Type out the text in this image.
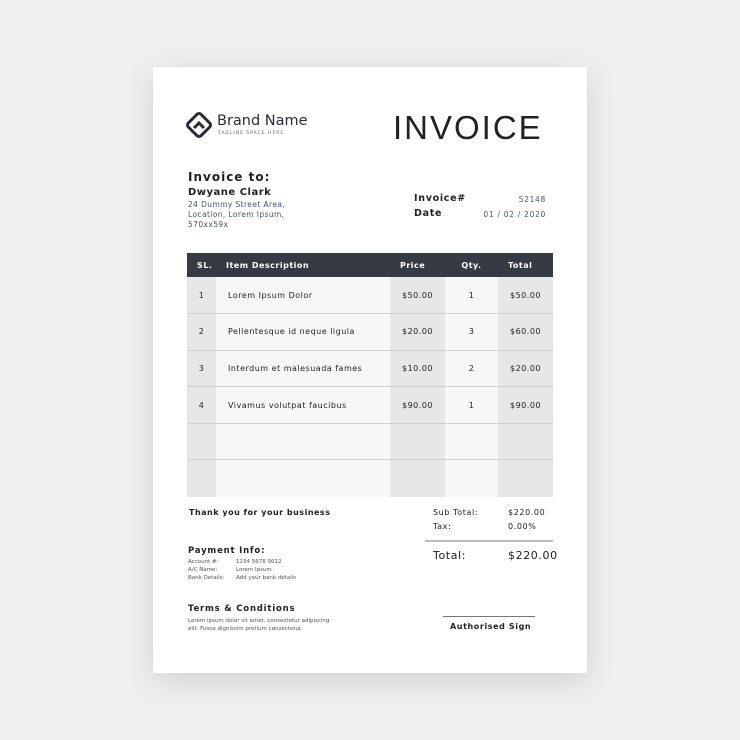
Brand Name
TAGLINE SPACE HERE	INVOICE
Invoice to:
Dwyane Clark
24 Dummy Street Area,
Location, Lorem Ipsum,
570xx59x
Invoice#	52148
Date	01 / 02 / 2020
SL.	Item Description	Price	Qty.	Total
1	Lorem Ipsum Dolor	$50.00	1	$50.00
2	Pellentesque id neque ligula	$20.00	3	$60.00
3	Interdum et malesuada fames	$10.00	2	$20.00
4	Vivamus volutpat faucibus	$90.00	1	$90.00

Thank you for your business	Sub Total:	$220.00
Tax:	0.00%
Total:	$220.00
Payment Info:
Account #:	1234 5678 9012
A/C Name:	Lorem Ipsum
Bank Details: Add your bank details
Terms & Conditions
Lorem ipsum dolor sit amet, consectetur adipiscing
elit. Fusce dignissim pretium consectetur.	Authorised Sign
